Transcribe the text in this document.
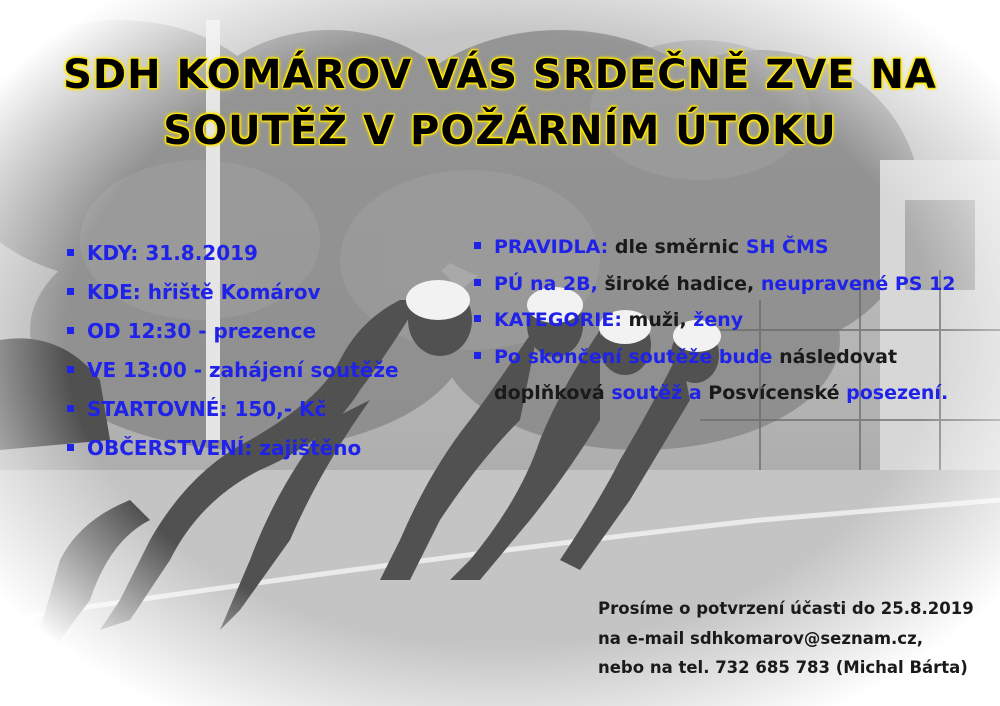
SDH KOMÁROV VÁS SRDEČNĚ ZVE NA
SOUTĚŽ V POŽÁRNÍM ÚTOKU
KDY: 31.8.2019
KDE: hřiště Komárov
OD 12:30 - prezence
VE 13:00 - zahájení soutěže
STARTOVNÉ: 150,- Kč
OBČERSTVENÍ: zajištěno
PRAVIDLA: dle směrnic SH ČMS
PÚ na 2B, široké hadice, neupravené PS 12
KATEGORIE: muži, ženy
Po skončení soutěže bude následovat
doplňková soutěž a Posvícenské posezení.
Prosíme o potvrzení účasti do 25.8.2019
na e-mail sdhkomarov@seznam.cz,
nebo na tel. 732 685 783 (Michal Bárta)
